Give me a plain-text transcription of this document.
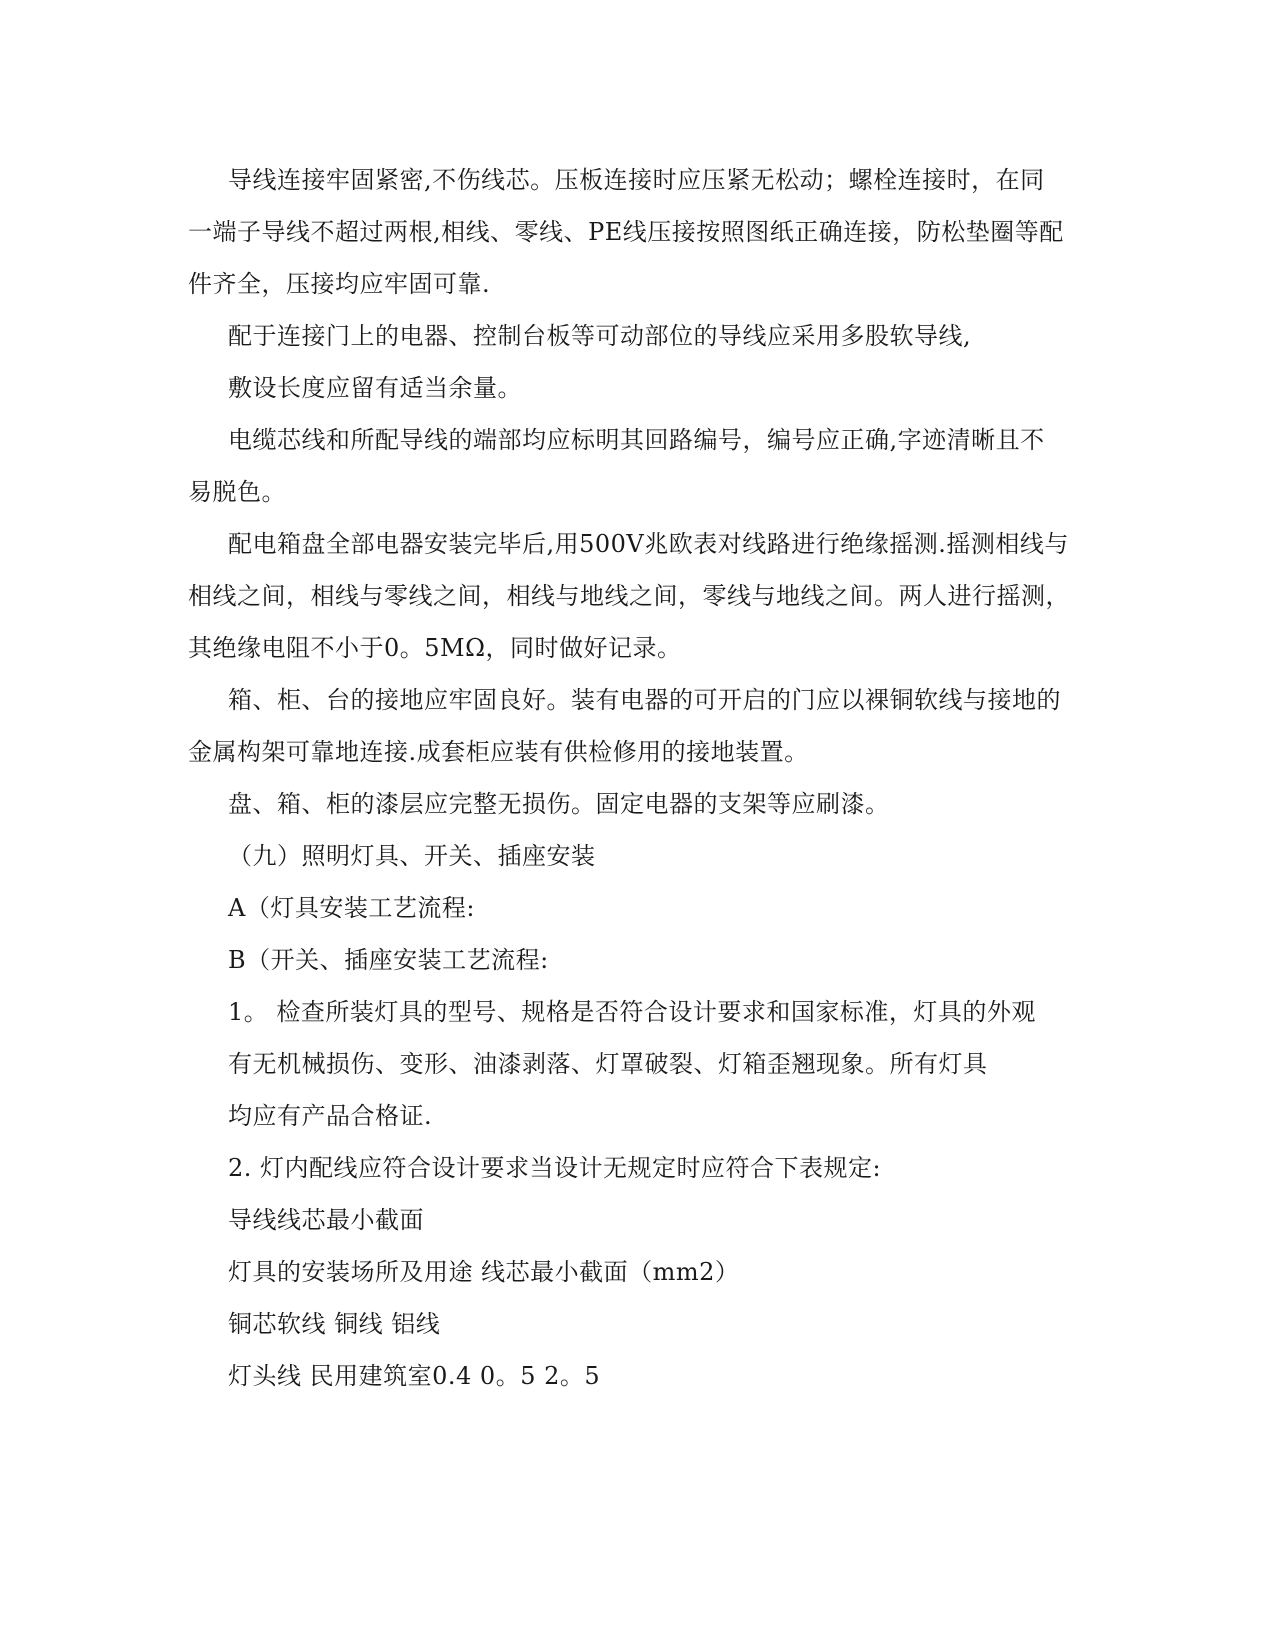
导线连接牢固紧密,不伤线芯。压板连接时应压紧无松动；螺栓连接时，在同
一端子导线不超过两根,相线、零线、PE线压接按照图纸正确连接，防松垫圈等配
件齐全，压接均应牢固可靠.
配于连接门上的电器、控制台板等可动部位的导线应采用多股软导线,
敷设长度应留有适当余量。
电缆芯线和所配导线的端部均应标明其回路编号，编号应正确,字迹清晰且不
易脱色。
配电箱盘全部电器安装完毕后,用500V兆欧表对线路进行绝缘摇测.摇测相线与
相线之间，相线与零线之间，相线与地线之间，零线与地线之间。两人进行摇测，
其绝缘电阻不小于0。5MΩ，同时做好记录。
箱、柜、台的接地应牢固良好。装有电器的可开启的门应以裸铜软线与接地的
金属构架可靠地连接.成套柜应装有供检修用的接地装置。
盘、箱、柜的漆层应完整无损伤。固定电器的支架等应刷漆。
（九）照明灯具、开关、插座安装
A（灯具安装工艺流程:
B（开关、插座安装工艺流程:
1。 检查所装灯具的型号、规格是否符合设计要求和国家标准，灯具的外观
有无机械损伤、变形、油漆剥落、灯罩破裂、灯箱歪翘现象。所有灯具
均应有产品合格证.
2. 灯内配线应符合设计要求当设计无规定时应符合下表规定:
导线线芯最小截面
灯具的安装场所及用途 线芯最小截面（mm2）
铜芯软线 铜线 铝线
灯头线 民用建筑室0.4 0。5 2。5
